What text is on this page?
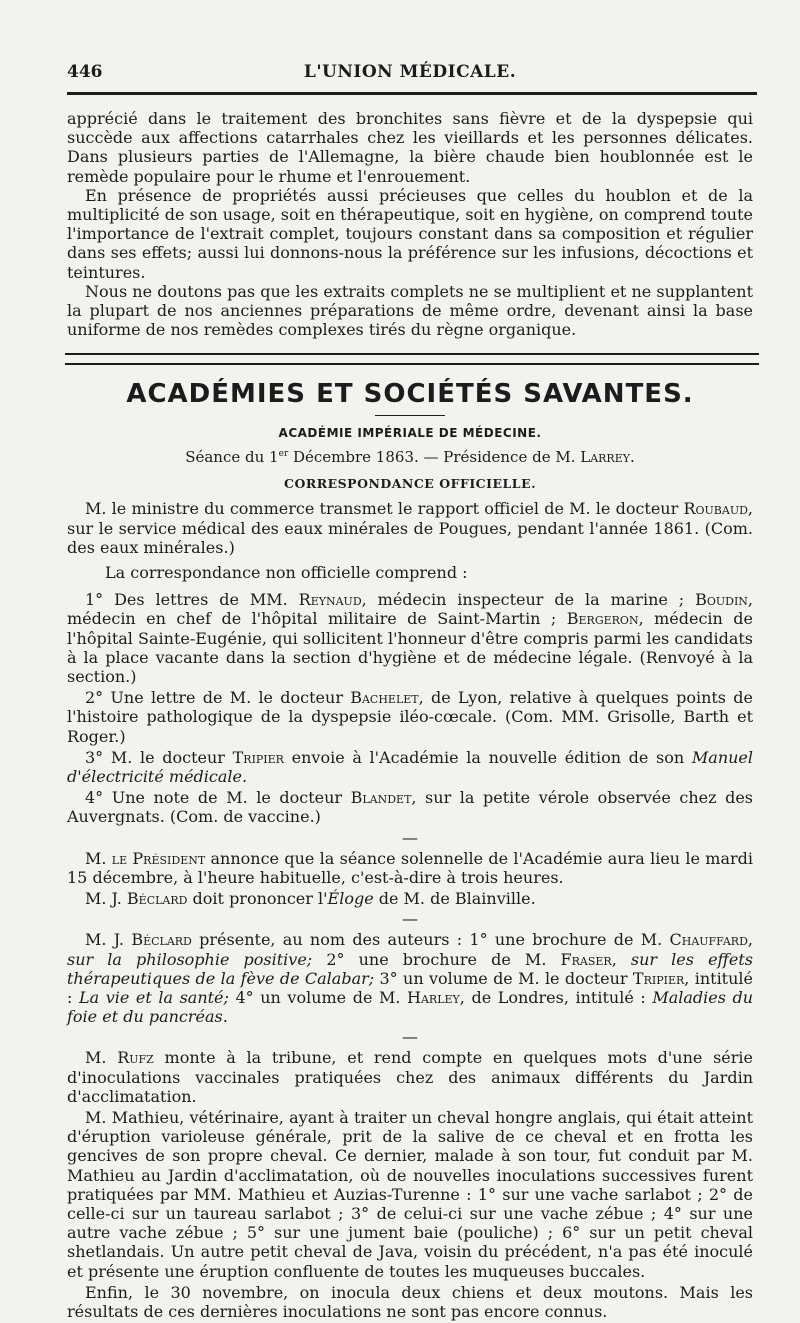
446	L'UNION MÉDICALE.

apprécié dans le traitement des bronchites sans fièvre et de la dyspepsie qui succède aux affections catarrhales chez les vieillards et les personnes délicates. Dans plusieurs parties de l'Allemagne, la bière chaude bien houblonnée est le remède populaire pour le rhume et l'enrouement.

En présence de propriétés aussi précieuses que celles du houblon et de la multiplicité de son usage, soit en thérapeutique, soit en hygiène, on comprend toute l'importance de l'extrait complet, toujours constant dans sa composition et régulier dans ses effets; aussi lui donnons-nous la préférence sur les infusions, décoctions et teintures.

Nous ne doutons pas que les extraits complets ne se multiplient et ne supplantent la plupart de nos anciennes préparations de même ordre, devenant ainsi la base uniforme de nos remèdes complexes tirés du règne organique.

ACADÉMIES ET SOCIÉTÉS SAVANTES.
ACADÉMIE IMPÉRIALE DE MÉDECINE.
Séance du 1er Décembre 1863. — Présidence de M. Larrey.
CORRESPONDANCE OFFICIELLE.

M. le ministre du commerce transmet le rapport officiel de M. le docteur Roubaud, sur le service médical des eaux minérales de Pougues, pendant l'année 1861. (Com. des eaux minérales.)

La correspondance non officielle comprend :

1° Des lettres de MM. Reynaud, médecin inspecteur de la marine ; Boudin, médecin en chef de l'hôpital militaire de Saint-Martin ; Bergeron, médecin de l'hôpital Sainte-Eugénie, qui sollicitent l'honneur d'être compris parmi les candidats à la place vacante dans la section d'hygiène et de médecine légale. (Renvoyé à la section.)

2° Une lettre de M. le docteur Bachelet, de Lyon, relative à quelques points de l'histoire pathologique de la dyspepsie iléo-cœcale. (Com. MM. Grisolle, Barth et Roger.)

3° M. le docteur Tripier envoie à l'Académie la nouvelle édition de son Manuel d'électricité médicale.

4° Une note de M. le docteur Blandet, sur la petite vérole observée chez des Auvergnats. (Com. de vaccine.)

—

M. le Président annonce que la séance solennelle de l'Académie aura lieu le mardi 15 décembre, à l'heure habituelle, c'est-à-dire à trois heures.

M. J. Béclard doit prononcer l'Éloge de M. de Blainville.

—

M. J. Béclard présente, au nom des auteurs : 1° une brochure de M. Chauffard, sur la philosophie positive; 2° une brochure de M. Fraser, sur les effets thérapeutiques de la fève de Calabar; 3° un volume de M. le docteur Tripier, intitulé : La vie et la santé; 4° un volume de M. Harley, de Londres, intitulé : Maladies du foie et du pancréas.

—

M. Rufz monte à la tribune, et rend compte en quelques mots d'une série d'inoculations vaccinales pratiquées chez des animaux différents du Jardin d'acclimatation.

M. Mathieu, vétérinaire, ayant à traiter un cheval hongre anglais, qui était atteint d'éruption varioleuse générale, prit de la salive de ce cheval et en frotta les gencives de son propre cheval. Ce dernier, malade à son tour, fut conduit par M. Mathieu au Jardin d'acclimatation, où de nouvelles inoculations successives furent pratiquées par MM. Mathieu et Auzias-Turenne : 1° sur une vache sarlabot ; 2° de celle-ci sur un taureau sarlabot ; 3° de celui-ci sur une vache zébue ; 4° sur une autre vache zébue ; 5° sur une jument baie (pouliche) ; 6° sur un petit cheval shetlandais. Un autre petit cheval de Java, voisin du précédent, n'a pas été inoculé et présente une éruption confluente de toutes les muqueuses buccales.

Enfin, le 30 novembre, on inocula deux chiens et deux moutons. Mais les résultats de ces dernières inoculations ne sont pas encore connus.
